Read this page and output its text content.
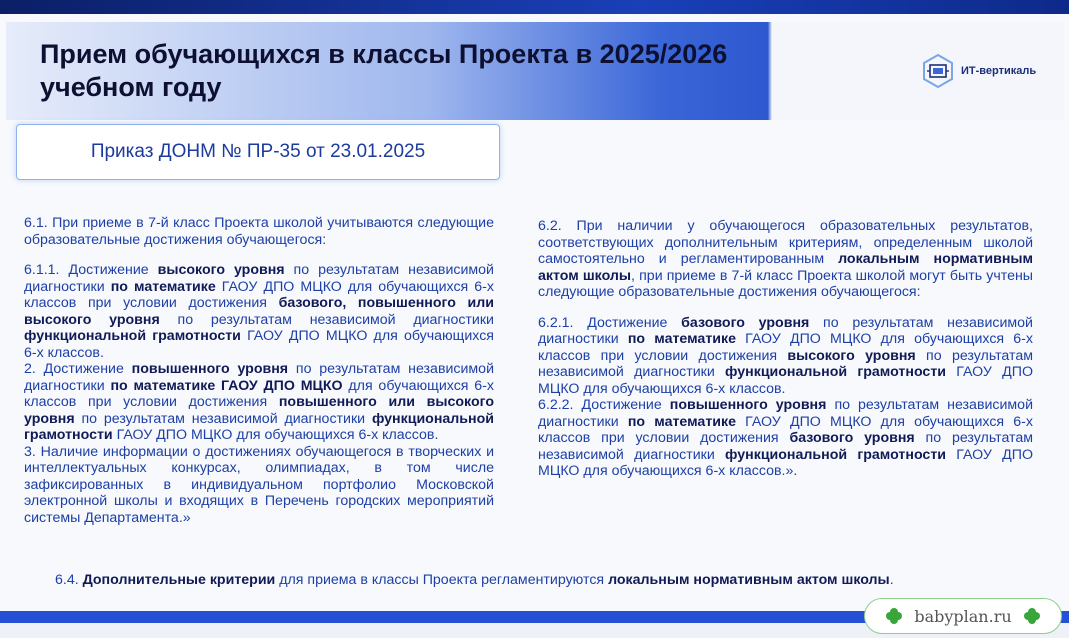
Прием обучающихся в классы Проекта в 2025/2026 учебном году
ИТ-вертикаль
Приказ ДОНМ № ПР-35 от 23.01.2025

6.1. При приеме в 7-й класс Проекта школой учитываются следующие образовательные достижения обучающегося:

6.1.1. Достижение высокого уровня по результатам независимой диагностики по математике ГАОУ ДПО МЦКО для обучающихся 6-х классов при условии достижения базового, повышенного или высокого уровня по результатам независимой диагностики функциональной грамотности ГАОУ ДПО МЦКО для обучающихся 6-х классов.

2. Достижение повышенного уровня по результатам независимой диагностики по математике ГАОУ ДПО МЦКО для обучающихся 6-х классов при условии достижения повышенного или высокого уровня по результатам независимой диагностики функциональной грамотности ГАОУ ДПО МЦКО для обучающихся 6-х классов.

3. Наличие информации о достижениях обучающегося в творческих и интеллектуальных конкурсах, олимпиадах, в том числе зафиксированных в индивидуальном портфолио Московской электронной школы и входящих в Перечень городских мероприятий системы Департамента.»

6.2. При наличии у обучающегося образовательных результатов, соответствующих дополнительным критериям, определенным школой самостоятельно и регламентированным локальным нормативным актом школы, при приеме в 7-й класс Проекта школой могут быть учтены следующие образовательные достижения обучающегося:

6.2.1. Достижение базового уровня по результатам независимой диагностики по математике ГАОУ ДПО МЦКО для обучающихся 6-х классов при условии достижения высокого уровня по результатам независимой диагностики функциональной грамотности ГАОУ ДПО МЦКО для обучающихся 6-х классов.

6.2.2. Достижение повышенного уровня по результатам независимой диагностики по математике ГАОУ ДПО МЦКО для обучающихся 6-х классов при условии достижения базового уровня по результатам независимой диагностики функциональной грамотности ГАОУ ДПО МЦКО для обучающихся 6-х классов.».

6.4. Дополнительные критерии для приема в классы Проекта регламентируются локальным нормативным актом школы.

babyplan.ru
